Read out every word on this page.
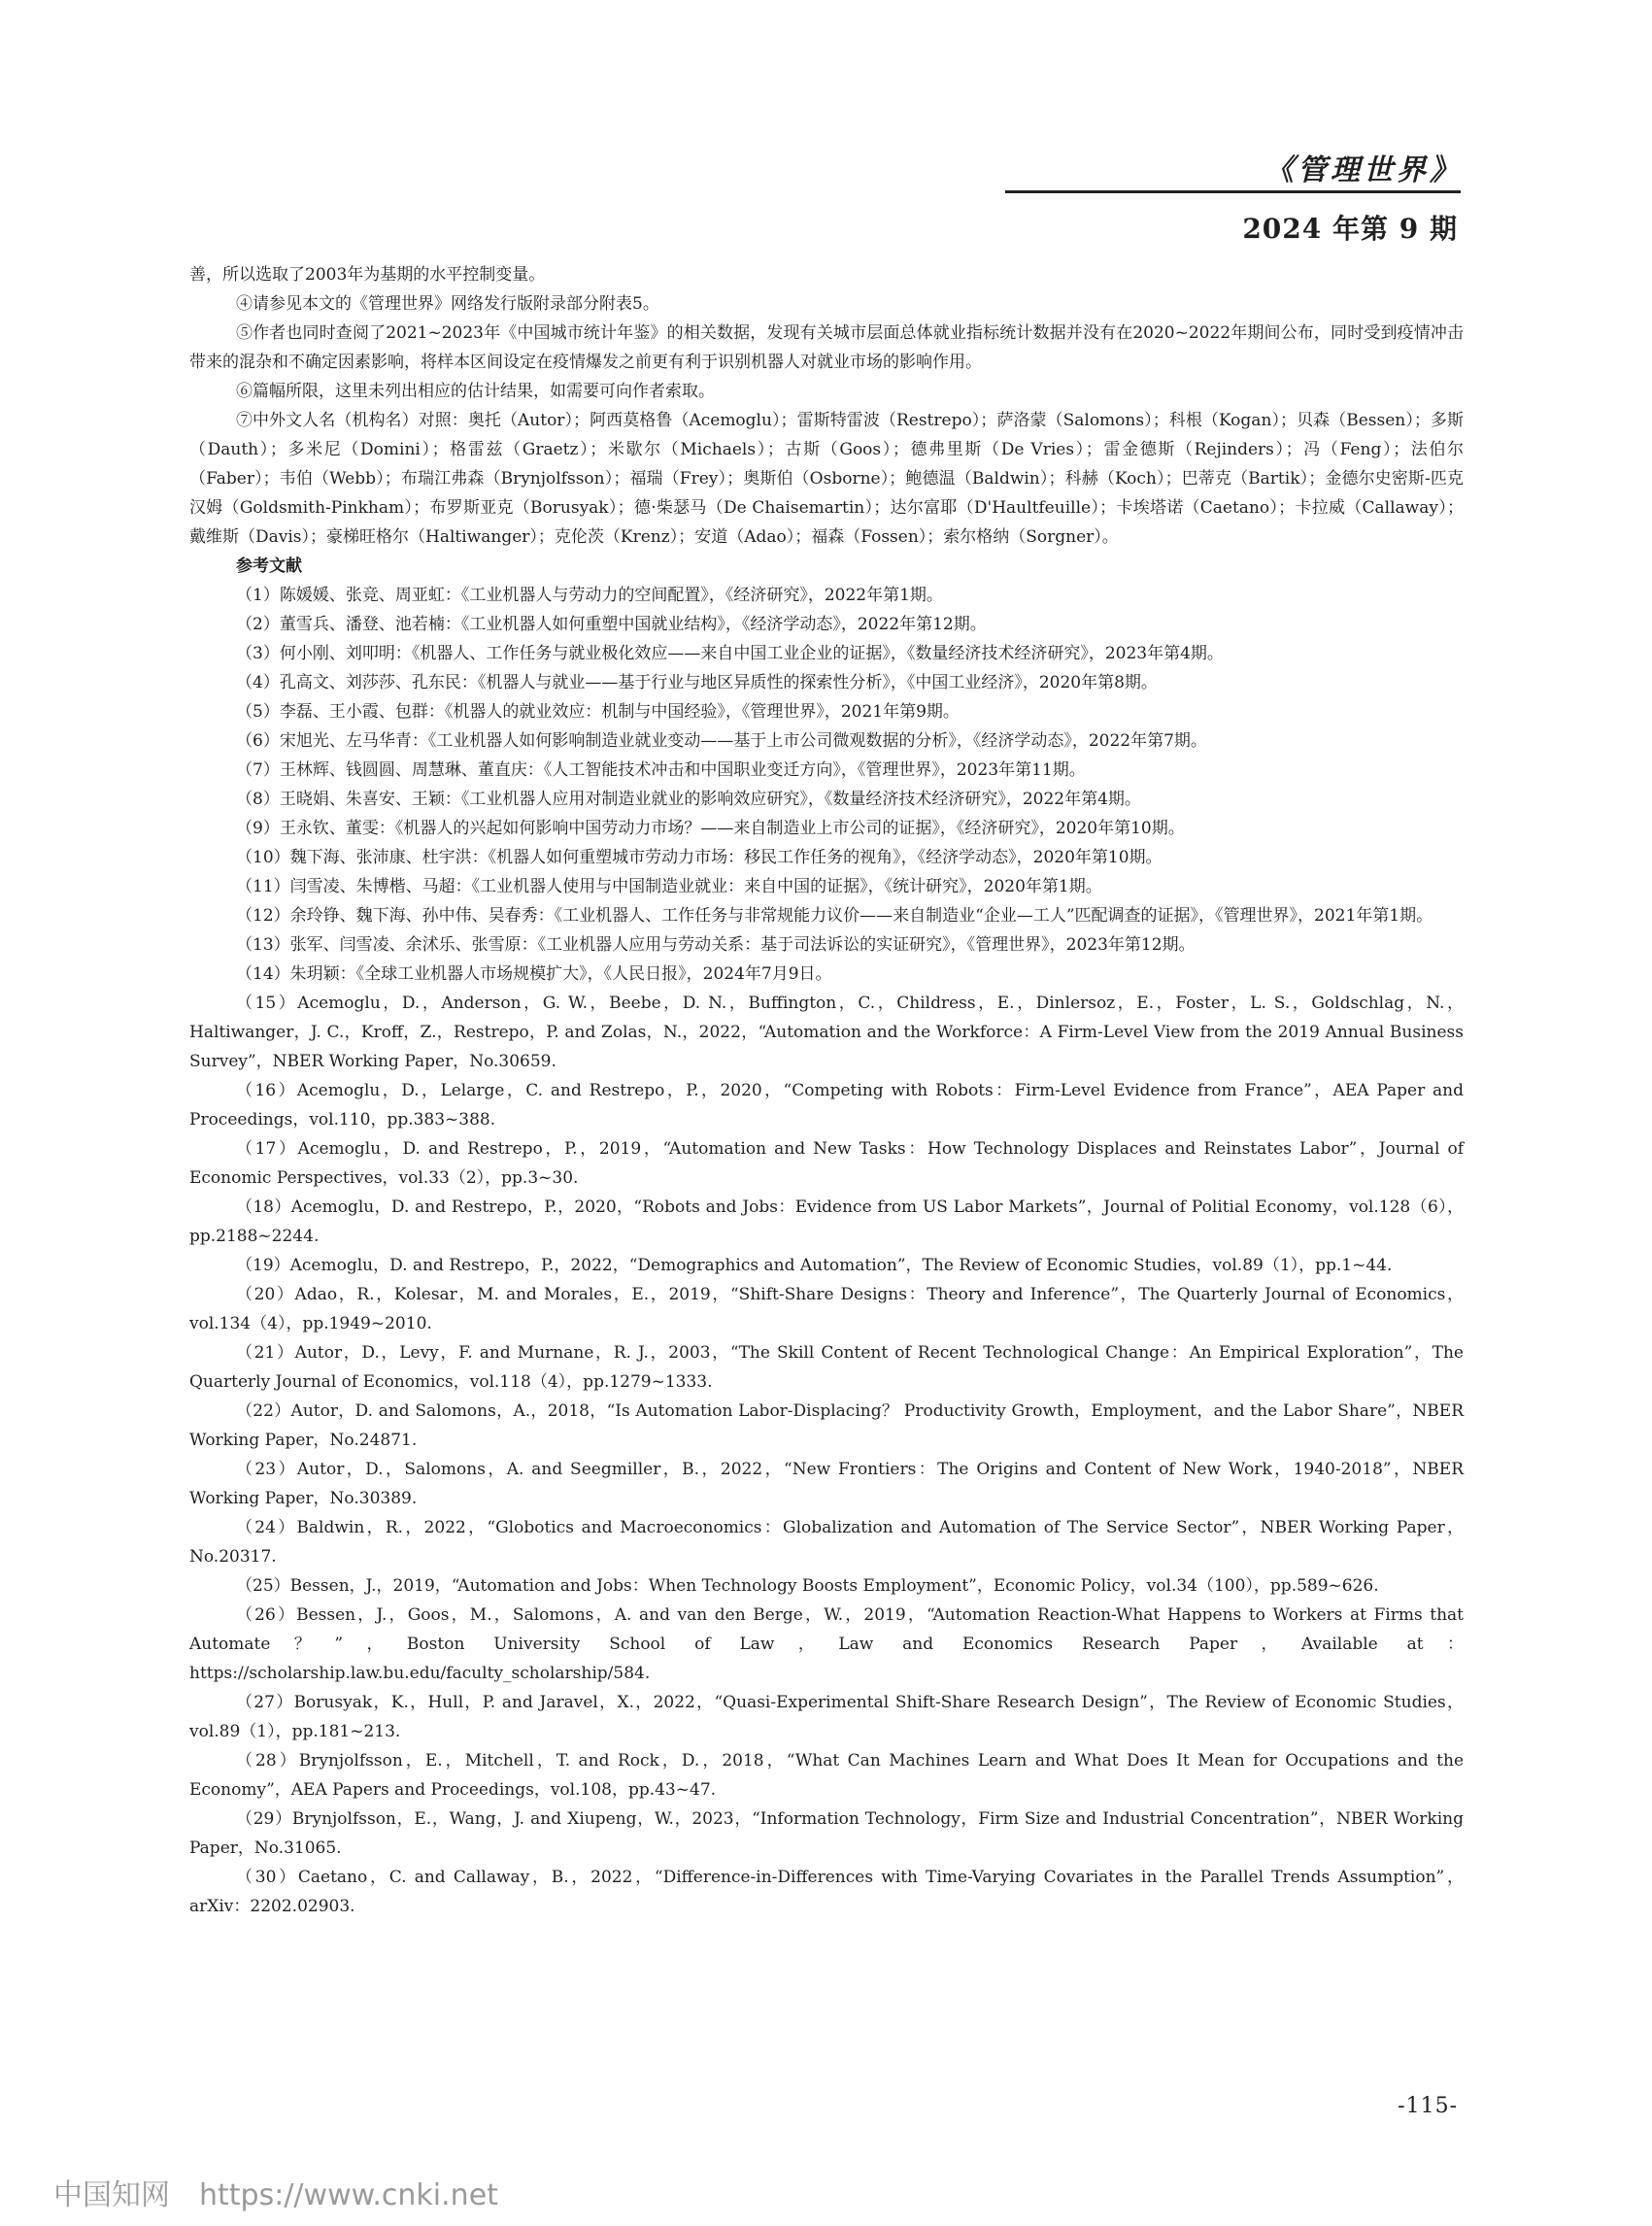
《管理世界》
2024 年第 9 期

善，所以选取了2003年为基期的水平控制变量。

④请参见本文的《管理世界》网络发行版附录部分附表5。

⑤作者也同时查阅了2021~2023年《中国城市统计年鉴》的相关数据，发现有关城市层面总体就业指标统计数据并没有在2020~2022年期间公布，同时受到疫情冲击带来的混杂和不确定因素影响，将样本区间设定在疫情爆发之前更有利于识别机器人对就业市场的影响作用。

⑥篇幅所限，这里未列出相应的估计结果，如需要可向作者索取。

⑦中外文人名（机构名）对照：奥托（Autor）；阿西莫格鲁（Acemoglu）；雷斯特雷波（Restrepo）；萨洛蒙（Salomons）；科根（Kogan）；贝森（Bessen）；多斯（Dauth）；多米尼（Domini）；格雷兹（Graetz）；米歇尔（Michaels）；古斯（Goos）；德弗里斯（De Vries）；雷金德斯（Rejinders）；冯（Feng）；法伯尔（Faber）；韦伯（Webb）；布瑞江弗森（Brynjolfsson）；福瑞（Frey）；奥斯伯（Osborne）；鲍德温（Baldwin）；科赫（Koch）；巴蒂克（Bartik）；金德尔史密斯-匹克汉姆（Goldsmith-Pinkham）；布罗斯亚克（Borusyak）；德·柴瑟马（De Chaisemartin）；达尔富耶（D'Haultfeuille）；卡埃塔诺（Caetano）；卡拉威（Callaway）；戴维斯（Davis）；豪梯旺格尔（Haltiwanger）；克伦茨（Krenz）；安道（Adao）；福森（Fossen）；索尔格纳（Sorgner）。

参考文献

（1）陈媛媛、张竞、周亚虹：《工业机器人与劳动力的空间配置》，《经济研究》，2022年第1期。

（2）董雪兵、潘登、池若楠：《工业机器人如何重塑中国就业结构》，《经济学动态》，2022年第12期。

（3）何小刚、刘叩明：《机器人、工作任务与就业极化效应——来自中国工业企业的证据》，《数量经济技术经济研究》，2023年第4期。

（4）孔高文、刘莎莎、孔东民：《机器人与就业——基于行业与地区异质性的探索性分析》，《中国工业经济》，2020年第8期。

（5）李磊、王小霞、包群：《机器人的就业效应：机制与中国经验》，《管理世界》，2021年第9期。

（6）宋旭光、左马华青：《工业机器人如何影响制造业就业变动——基于上市公司微观数据的分析》，《经济学动态》，2022年第7期。

（7）王林辉、钱圆圆、周慧琳、董直庆：《人工智能技术冲击和中国职业变迁方向》，《管理世界》，2023年第11期。

（8）王晓娟、朱喜安、王颖：《工业机器人应用对制造业就业的影响效应研究》，《数量经济技术经济研究》，2022年第4期。

（9）王永钦、董雯：《机器人的兴起如何影响中国劳动力市场？——来自制造业上市公司的证据》，《经济研究》，2020年第10期。

（10）魏下海、张沛康、杜宇洪：《机器人如何重塑城市劳动力市场：移民工作任务的视角》，《经济学动态》，2020年第10期。

（11）闫雪凌、朱博楷、马超：《工业机器人使用与中国制造业就业：来自中国的证据》，《统计研究》，2020年第1期。

（12）余玲铮、魏下海、孙中伟、吴春秀：《工业机器人、工作任务与非常规能力议价——来自制造业“企业—工人”匹配调查的证据》，《管理世界》，2021年第1期。

（13）张军、闫雪凌、余沭乐、张雪原：《工业机器人应用与劳动关系：基于司法诉讼的实证研究》，《管理世界》，2023年第12期。

（14）朱玥颖：《全球工业机器人市场规模扩大》，《人民日报》，2024年7月9日。

（15）Acemoglu，D.，Anderson，G. W.，Beebe，D. N.，Buffington，C.，Childress，E.，Dinlersoz，E.，Foster，L. S.，Goldschlag，N.，Haltiwanger，J. C.，Kroff，Z.，Restrepo，P. and Zolas，N.，2022，“Automation and the Workforce：A Firm-Level View from the 2019 Annual Business Survey”，NBER Working Paper，No.30659.

（16）Acemoglu，D.，Lelarge，C. and Restrepo，P.，2020，“Competing with Robots：Firm-Level Evidence from France”，AEA Paper and Proceedings，vol.110，pp.383~388.

（17）Acemoglu，D. and Restrepo，P.，2019，“Automation and New Tasks：How Technology Displaces and Reinstates Labor”，Journal of Economic Perspectives，vol.33（2），pp.3~30.

（18）Acemoglu，D. and Restrepo，P.，2020，“Robots and Jobs：Evidence from US Labor Markets”，Journal of Politial Economy，vol.128（6），pp.2188~2244.

（19）Acemoglu，D. and Restrepo，P.，2022，“Demographics and Automation”，The Review of Economic Studies，vol.89（1），pp.1~44.

（20）Adao，R.，Kolesar，M. and Morales，E.，2019，“Shift-Share Designs：Theory and Inference”，The Quarterly Journal of Economics，vol.134（4），pp.1949~2010.

（21）Autor，D.，Levy，F. and Murnane，R. J.，2003，“The Skill Content of Recent Technological Change：An Empirical Exploration”，The Quarterly Journal of Economics，vol.118（4），pp.1279~1333.

（22）Autor，D. and Salomons，A.，2018，“Is Automation Labor-Displacing？ Productivity Growth，Employment，and the Labor Share”，NBER Working Paper，No.24871.

（23）Autor，D.，Salomons，A. and Seegmiller，B.，2022，“New Frontiers：The Origins and Content of New Work，1940-2018”，NBER Working Paper，No.30389.

（24）Baldwin，R.，2022，“Globotics and Macroeconomics：Globalization and Automation of The Service Sector”，NBER Working Paper，No.20317.

（25）Bessen，J.，2019，“Automation and Jobs：When Technology Boosts Employment”，Economic Policy，vol.34（100），pp.589~626.

（26）Bessen，J.，Goos，M.，Salomons，A. and van den Berge，W.，2019，“Automation Reaction-What Happens to Workers at Firms that Automate？”，Boston University School of Law，Law and Economics Research Paper，Available at：https://scholarship.law.bu.edu/faculty_scholarship/584.

（27）Borusyak，K.，Hull，P. and Jaravel，X.，2022，“Quasi-Experimental Shift-Share Research Design”，The Review of Economic Studies，vol.89（1），pp.181~213.

（28）Brynjolfsson，E.，Mitchell，T. and Rock，D.，2018，“What Can Machines Learn and What Does It Mean for Occupations and the Economy”，AEA Papers and Proceedings，vol.108，pp.43~47.

（29）Brynjolfsson，E.，Wang，J. and Xiupeng，W.，2023，“Information Technology，Firm Size and Industrial Concentration”，NBER Working Paper，No.31065.

（30）Caetano，C. and Callaway，B.，2022，“Difference-in-Differences with Time-Varying Covariates in the Parallel Trends Assumption”，arXiv：2202.02903.

-115-
中国知网 https://www.cnki.net
